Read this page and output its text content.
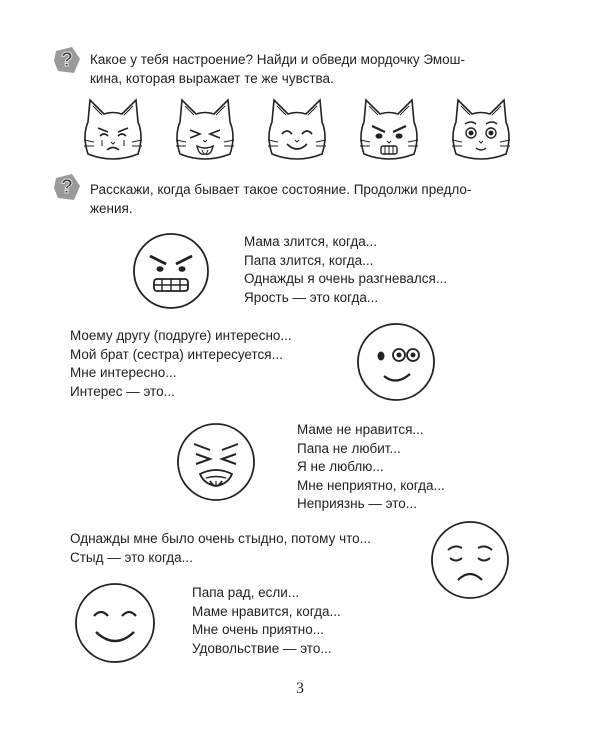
? Какое у тебя настроение? Найди и обведи мордочку Эмош-
кина, которая выражает те же чувства.
? Расскажи, когда бывает такое состояние. Продолжи предло-
жения.
Мама злится, когда...
Папа злится, когда...
Однажды я очень разгневался...
Ярость — это когда...
Моему другу (подруге) интересно...
Мой брат (сестра) интересуется...
Мне интересно...
Интерес — это...
Маме не нравится...
Папа не любит...
Я не люблю...
Мне неприятно, когда...
Неприязнь — это...
Однажды мне было очень стыдно, потому что...
Стыд — это когда...
Папа рад, если...
Маме нравится, когда...
Мне очень приятно...
Удовольствие — это...
3
